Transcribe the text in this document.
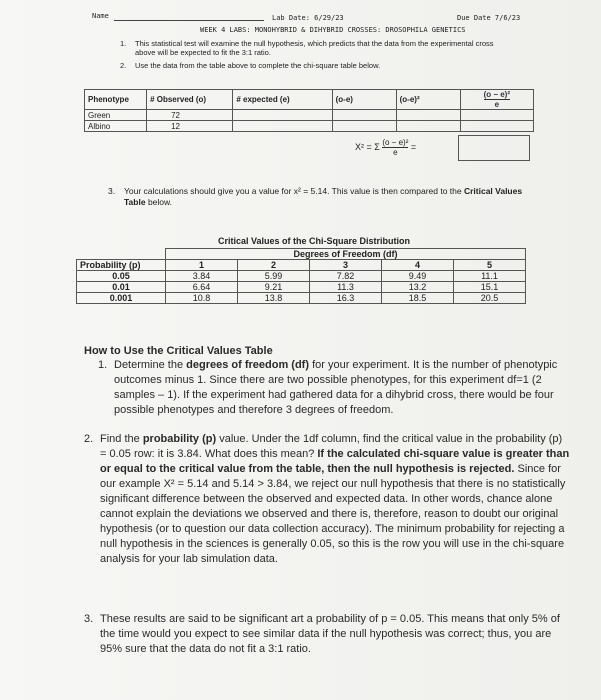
Name	Lab Date: 6/29/23	Due Date 7/6/23
WEEK 4 LABS: MONOHYBRID & DIHYBRID CROSSES: DROSOPHILA GENETICS
1. This statistical test will examine the null hypothesis, which predicts that the data from the experimental cross above will be expected to fit the 3:1 ratio.
2. Use the data from the table above to complete the chi-square table below.
Phenotype	# Observed (o)	# expected (e)	(o-e)	(o-e)²	$\frac{\text{(o − e)²}}{e}$
Green	72				
Albino	12				
X² = Σ $\frac{\text{(o − e)²}}{e}$ =
3. Your calculations should give you a value for x² = 5.14. This value is then compared to the Critical Values Table below.
Critical Values of the Chi-Square Distribution
	Degrees of Freedom (df)				
Probability (p)	1	2	3	4	5
0.05	3.84	5.99	7.82	9.49	11.1
0.01	6.64	9.21	11.3	13.2	15.1
0.001	10.8	13.8	16.3	18.5	20.5
How to Use the Critical Values Table
1. Determine the degrees of freedom (df) for your experiment. It is the number of phenotypic outcomes minus 1. Since there are two possible phenotypes, for this experiment df=1 (2 samples – 1). If the experiment had gathered data for a dihybrid cross, there would be four possible phenotypes and therefore 3 degrees of freedom.
2. Find the probability (p) value. Under the 1df column, find the critical value in the probability (p) = 0.05 row: it is 3.84. What does this mean? If the calculated chi-square value is greater than or equal to the critical value from the table, then the null hypothesis is rejected. Since for our example X² = 5.14 and 5.14 > 3.84, we reject our null hypothesis that there is no statistically significant difference between the observed and expected data. In other words, chance alone cannot explain the deviations we observed and there is, therefore, reason to doubt our original hypothesis (or to question our data collection accuracy). The minimum probability for rejecting a null hypothesis in the sciences is generally 0.05, so this is the row you will use in the chi-square analysis for your lab simulation data.
3. These results are said to be significant art a probability of p = 0.05. This means that only 5% of the time would you expect to see similar data if the null hypothesis was correct; thus, you are 95% sure that the data do not fit a 3:1 ratio.
